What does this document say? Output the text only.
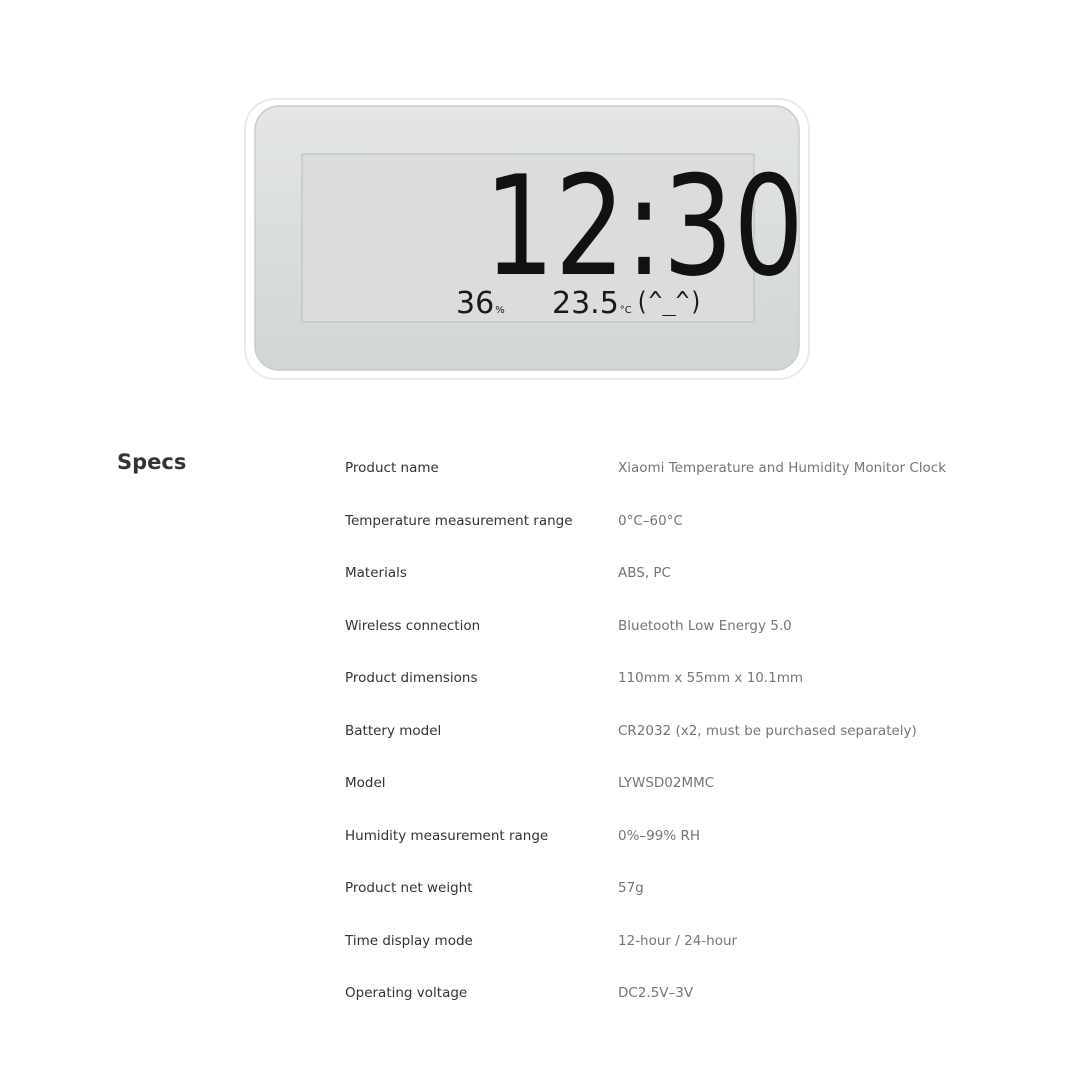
12:30
36% 23.5°C (^_^)
Specs	Product name	Xiaomi Temperature and Humidity Monitor Clock
Temperature measurement range	0°C–60°C
Materials	ABS, PC
Wireless connection	Bluetooth Low Energy 5.0
Product dimensions	110mm x 55mm x 10.1mm
Battery model	CR2032 (x2, must be purchased separately)
Model	LYWSD02MMC
Humidity measurement range	0%–99% RH
Product net weight	57g
Time display mode	12-hour / 24-hour
Operating voltage	DC2.5V–3V
